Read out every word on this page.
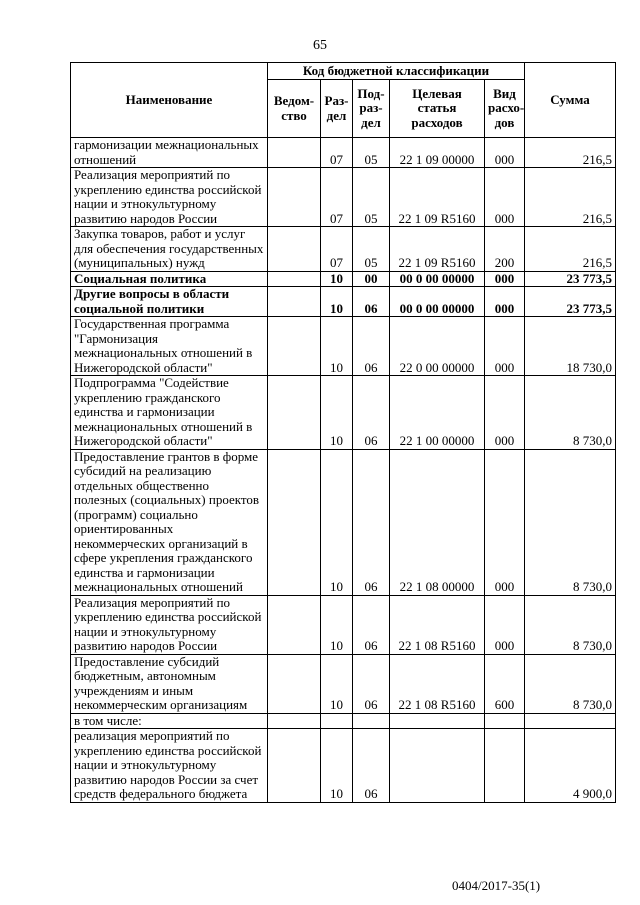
65
Наименование	Код бюджетной классификации					Сумма
	Ведом-
ство	Раз-
дел	Под-
раз-
дел	Целевая
статья
расходов	Вид
расхо-
дов	
гармонизации межнациональных отношений		07	05	22 1 09 00000	000	216,5
Реализация мероприятий по укреплению единства российской нации и этнокультурному развитию народов России		07	05	22 1 09 R5160	000	216,5
Закупка товаров, работ и услуг для обеспечения государственных (муниципальных) нужд		07	05	22 1 09 R5160	200	216,5
Социальная политика		10	00	00 0 00 00000	000	23 773,5
Другие вопросы в области социальной политики		10	06	00 0 00 00000	000	23 773,5
Государственная программа "Гармонизация межнациональных отношений в Нижегородской области"		10	06	22 0 00 00000	000	18 730,0
Подпрограмма "Содействие укреплению гражданского единства и гармонизации межнациональных отношений в Нижегородской области"		10	06	22 1 00 00000	000	8 730,0
Предоставление грантов в форме субсидий на реализацию отдельных общественно полезных (социальных) проектов (программ) социально ориентированных некоммерческих организаций в сфере укрепления гражданского единства и гармонизации межнациональных отношений		10	06	22 1 08 00000	000	8 730,0
Реализация мероприятий по укреплению единства российской нации и этнокультурному развитию народов России		10	06	22 1 08 R5160	000	8 730,0
Предоставление субсидий бюджетным, автономным учреждениям и иным некоммерческим организациям		10	06	22 1 08 R5160	600	8 730,0
в том числе:						
реализация мероприятий по укреплению единства российской нации и этнокультурному развитию народов России за счет средств федерального бюджета		10	06			4 900,0
0404/2017-35(1)
